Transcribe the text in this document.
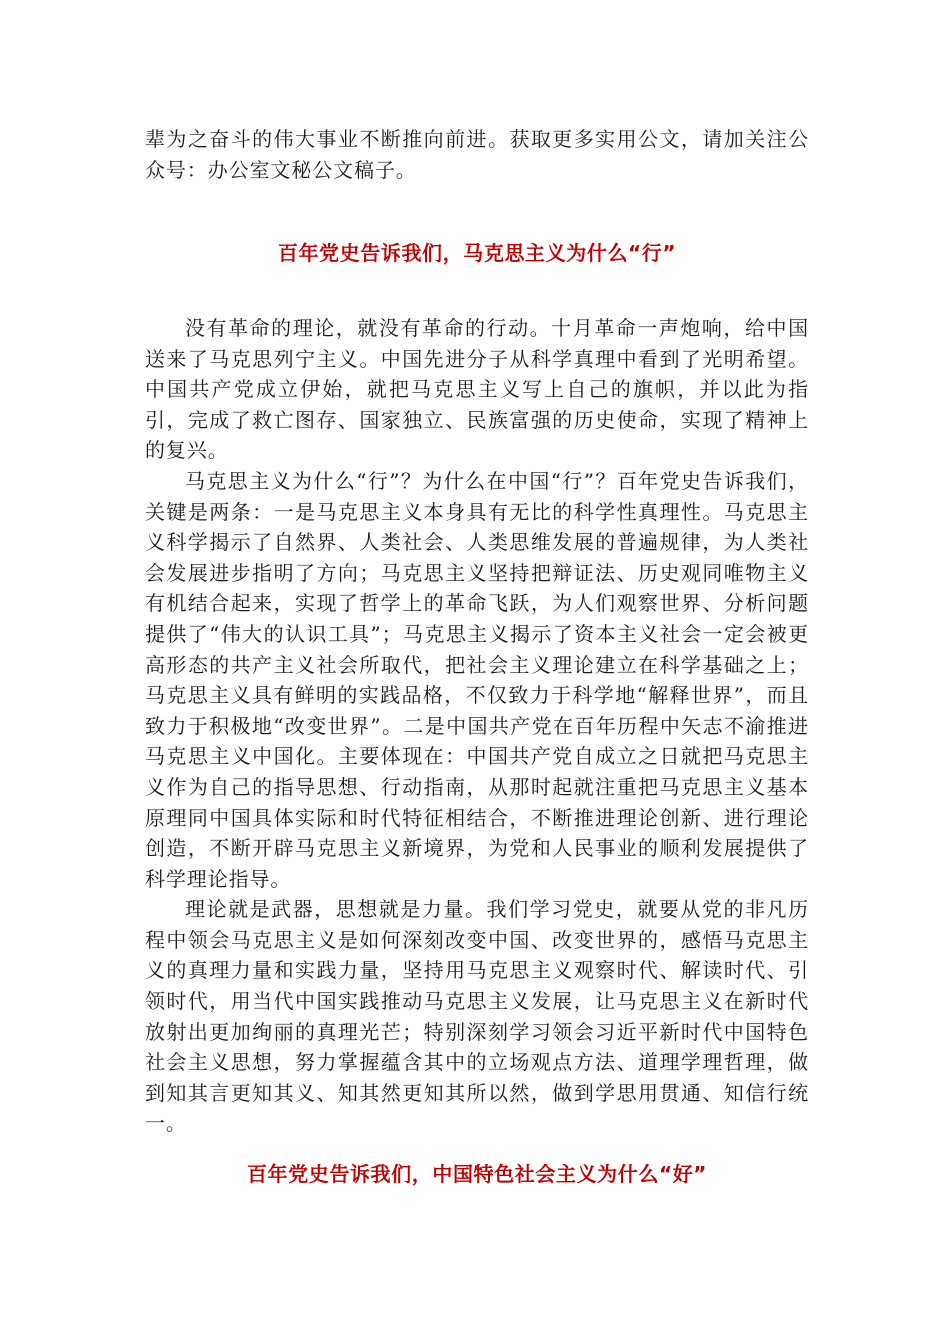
辈为之奋斗的伟大事业不断推向前进。获取更多实用公文，请加关注公众号：办公室文秘公文稿子。

百年党史告诉我们，马克思主义为什么“行”

没有革命的理论，就没有革命的行动。十月革命一声炮响，给中国送来了马克思列宁主义。中国先进分子从科学真理中看到了光明希望。中国共产党成立伊始，就把马克思主义写上自己的旗帜，并以此为指引，完成了救亡图存、国家独立、民族富强的历史使命，实现了精神上的复兴。

马克思主义为什么“行”？为什么在中国“行”？百年党史告诉我们，关键是两条：一是马克思主义本身具有无比的科学性真理性。马克思主义科学揭示了自然界、人类社会、人类思维发展的普遍规律，为人类社会发展进步指明了方向；马克思主义坚持把辩证法、历史观同唯物主义有机结合起来，实现了哲学上的革命飞跃，为人们观察世界、分析问题提供了“伟大的认识工具”；马克思主义揭示了资本主义社会一定会被更高形态的共产主义社会所取代，把社会主义理论建立在科学基础之上；马克思主义具有鲜明的实践品格，不仅致力于科学地“解释世界”，而且致力于积极地“改变世界”。二是中国共产党在百年历程中矢志不渝推进马克思主义中国化。主要体现在：中国共产党自成立之日就把马克思主义作为自己的指导思想、行动指南，从那时起就注重把马克思主义基本原理同中国具体实际和时代特征相结合，不断推进理论创新、进行理论创造，不断开辟马克思主义新境界，为党和人民事业的顺利发展提供了科学理论指导。

理论就是武器，思想就是力量。我们学习党史，就要从党的非凡历程中领会马克思主义是如何深刻改变中国、改变世界的，感悟马克思主义的真理力量和实践力量，坚持用马克思主义观察时代、解读时代、引领时代，用当代中国实践推动马克思主义发展，让马克思主义在新时代放射出更加绚丽的真理光芒；特别深刻学习领会习近平新时代中国特色社会主义思想，努力掌握蕴含其中的立场观点方法、道理学理哲理，做到知其言更知其义、知其然更知其所以然，做到学思用贯通、知信行统一。

百年党史告诉我们，中国特色社会主义为什么“好”
